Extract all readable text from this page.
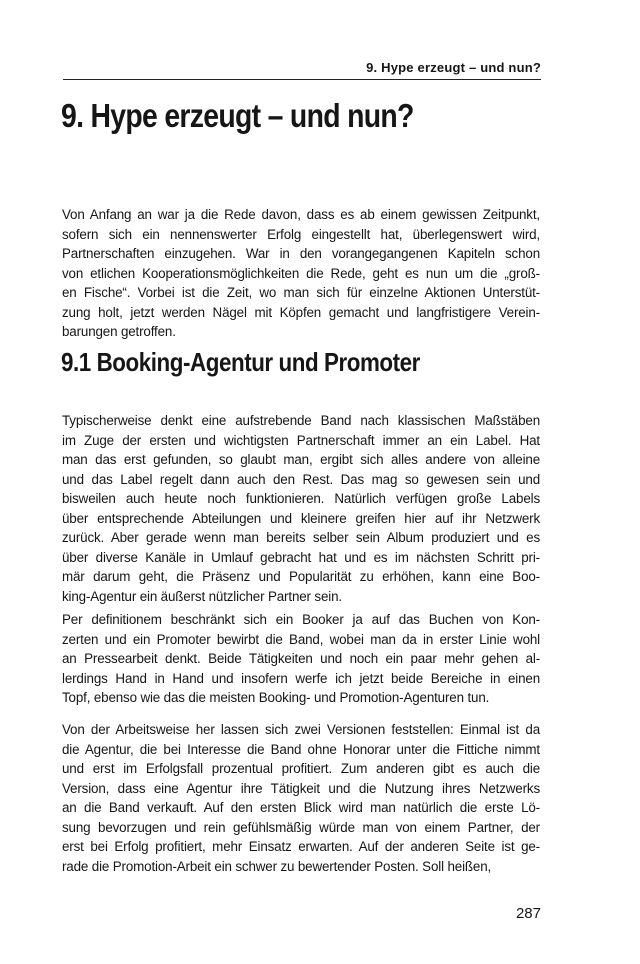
9. Hype erzeugt – und nun?
9. Hype erzeugt – und nun?
Von Anfang an war ja die Rede davon, dass es ab einem gewissen Zeitpunkt,
sofern sich ein nennenswerter Erfolg eingestellt hat, überlegenswert wird,
Partnerschaften einzugehen. War in den vorangegangenen Kapiteln schon
von etlichen Kooperationsmöglichkeiten die Rede, geht es nun um die „groß-
en Fische“. Vorbei ist die Zeit, wo man sich für einzelne Aktionen Unterstüt-
zung holt, jetzt werden Nägel mit Köpfen gemacht und langfristigere Verein-
barungen getroffen.
9.1 Booking-Agentur und Promoter
Typischerweise denkt eine aufstrebende Band nach klassischen Maßstäben
im Zuge der ersten und wichtigsten Partnerschaft immer an ein Label. Hat
man das erst gefunden, so glaubt man, ergibt sich alles andere von alleine
und das Label regelt dann auch den Rest. Das mag so gewesen sein und
bisweilen auch heute noch funktionieren. Natürlich verfügen große Labels
über entsprechende Abteilungen und kleinere greifen hier auf ihr Netzwerk
zurück. Aber gerade wenn man bereits selber sein Album produziert und es
über diverse Kanäle in Umlauf gebracht hat und es im nächsten Schritt pri-
mär darum geht, die Präsenz und Popularität zu erhöhen, kann eine Boo-
king-Agentur ein äußerst nützlicher Partner sein.
Per definitionem beschränkt sich ein Booker ja auf das Buchen von Kon-
zerten und ein Promoter bewirbt die Band, wobei man da in erster Linie wohl
an Pressearbeit denkt. Beide Tätigkeiten und noch ein paar mehr gehen al-
lerdings Hand in Hand und insofern werfe ich jetzt beide Bereiche in einen
Topf, ebenso wie das die meisten Booking- und Promotion-Agenturen tun.
Von der Arbeitsweise her lassen sich zwei Versionen feststellen: Einmal ist da
die Agentur, die bei Interesse die Band ohne Honorar unter die Fittiche nimmt
und erst im Erfolgsfall prozentual profitiert. Zum anderen gibt es auch die
Version, dass eine Agentur ihre Tätigkeit und die Nutzung ihres Netzwerks
an die Band verkauft. Auf den ersten Blick wird man natürlich die erste Lö-
sung bevorzugen und rein gefühlsmäßig würde man von einem Partner, der
erst bei Erfolg profitiert, mehr Einsatz erwarten. Auf der anderen Seite ist ge-
rade die Promotion-Arbeit ein schwer zu bewertender Posten. Soll heißen,
287
